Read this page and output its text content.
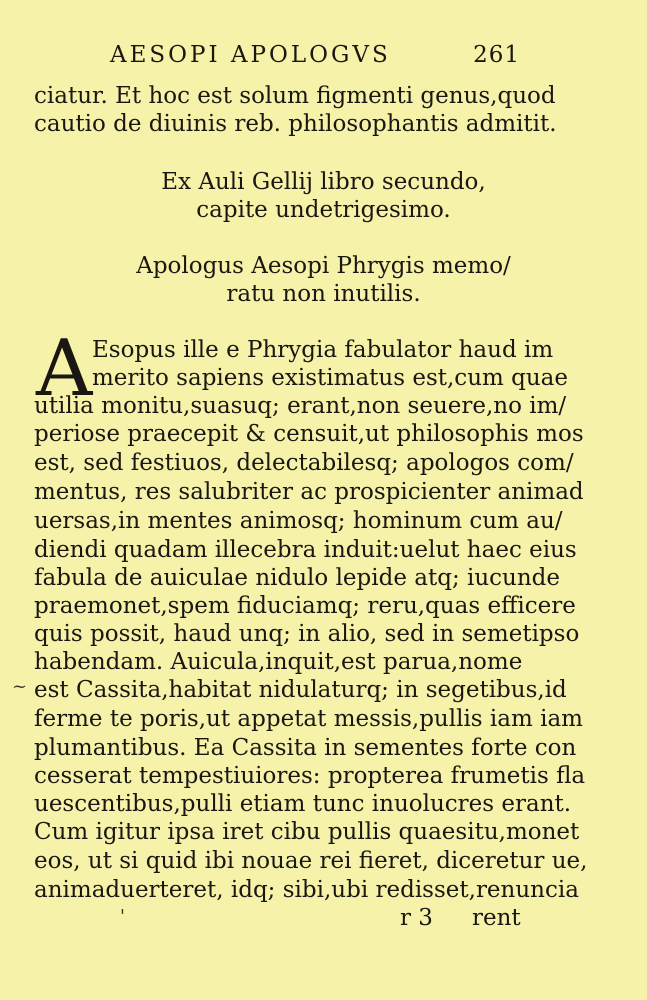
AESOPI APOLOGVS	261
ciatur. Et hoc est solum figmenti genus,quod
cautio de diuinis reb. philosophantis admitit.
Ex Auli Gellij libro secundo,
capite undetrigesimo.
Apologus Aesopi Phrygis memo/
ratu non inutilis.
A Esopus ille e Phrygia fabulator haud im
merito sapiens existimatus est,cum quae
utilia monitu,suasuq; erant,non seuere,no im/
periose praecepit & censuit,ut philosophis mos
est, sed festiuos, delectabilesq; apologos com/
mentus, res salubriter ac prospicienter animad
uersas,in mentes animosq; hominum cum au/
diendi quadam illecebra induit:uelut haec eius
fabula de auiculae nidulo lepide atq; iucunde
praemonet,spem fiduciamq; reru,quas efficere
quis possit, haud unq; in alio, sed in semetipso
habendam. Auicula,inquit,est parua,nome
est Cassita,habitat nidulaturq; in segetibus,id
ferme te poris,ut appetat messis,pullis iam iam
plumantibus. Ea Cassita in sementes forte con
cesserat tempestiuiores: propterea frumetis fla
uescentibus,pulli etiam tunc inuolucres erant.
Cum igitur ipsa iret cibu pullis quaesitu,monet
eos, ut si quid ibi nouae rei fieret, diceretur ue,
animaduerteret, idq; sibi,ubi redisset,renuncia
~
'	r 3 rent
